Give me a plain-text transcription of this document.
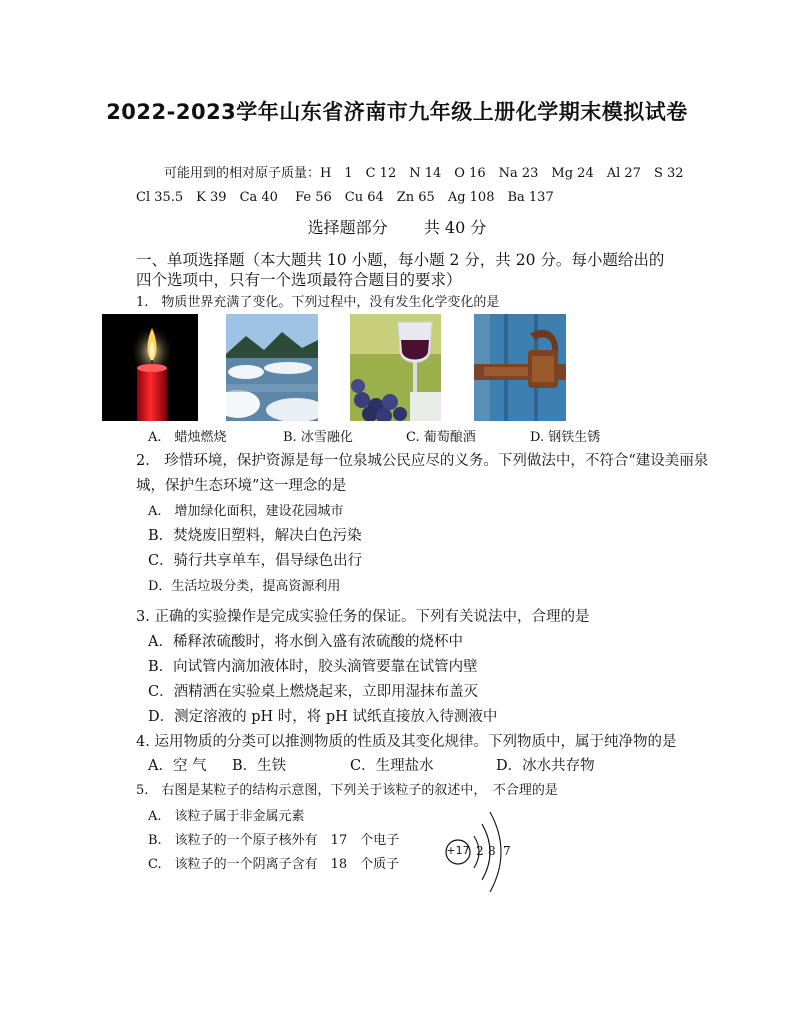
2022-2023学年山东省济南市九年级上册化学期末模拟试卷
可能用到的相对原子质量：H　1　C 12　N 14　O 16　Na 23　Mg 24　Al 27　S 32
Cl 35.5　K 39　Ca 40　 Fe 56　Cu 64　Zn 65　Ag 108　Ba 137
选择题部分 共 40 分
一、单项选择题（本大题共 10 小题，每小题 2 分，共 20 分。每小题给出的
四个选项中，只有一个选项最符合题目的要求）
1.　物质世界充满了变化。下列过程中，没有发生化学变化的是
A.　蜡烛燃烧	B. 冰雪融化	C. 葡萄酿酒	D. 钢铁生锈
2.　珍惜环境，保护资源是每一位泉城公民应尽的义务。下列做法中，不符合“建设美丽泉
城，保护生态环境”这一理念的是
A.　增加绿化面积，建设花园城市
B．焚烧废旧塑料，解决白色污染
C．骑行共享单车，倡导绿色出行
D．生活垃圾分类，提高资源利用
3. 正确的实验操作是完成实验任务的保证。下列有关说法中，合理的是
A．稀释浓硫酸时，将水倒入盛有浓硫酸的烧杯中
B．向试管内滴加液体时，胶头滴管要靠在试管内壁
C．酒精洒在实验桌上燃烧起来，立即用湿抹布盖灭
D．测定溶液的 pH 时，将 pH 试纸直接放入待测液中
4. 运用物质的分类可以推测物质的性质及其变化规律。下列物质中，属于纯净物的是
A．空 气 B．生铁	C．生理盐水	D．冰水共存物
5.　右图是某粒子的结构示意图，下列关于该粒子的叙述中，　不合理的是
A.　该粒子属于非金属元素
B.　该粒子的一个原子核外有　17　个电子
C.　该粒子的一个阴离子含有　18　个质子
+17 2 8 7
